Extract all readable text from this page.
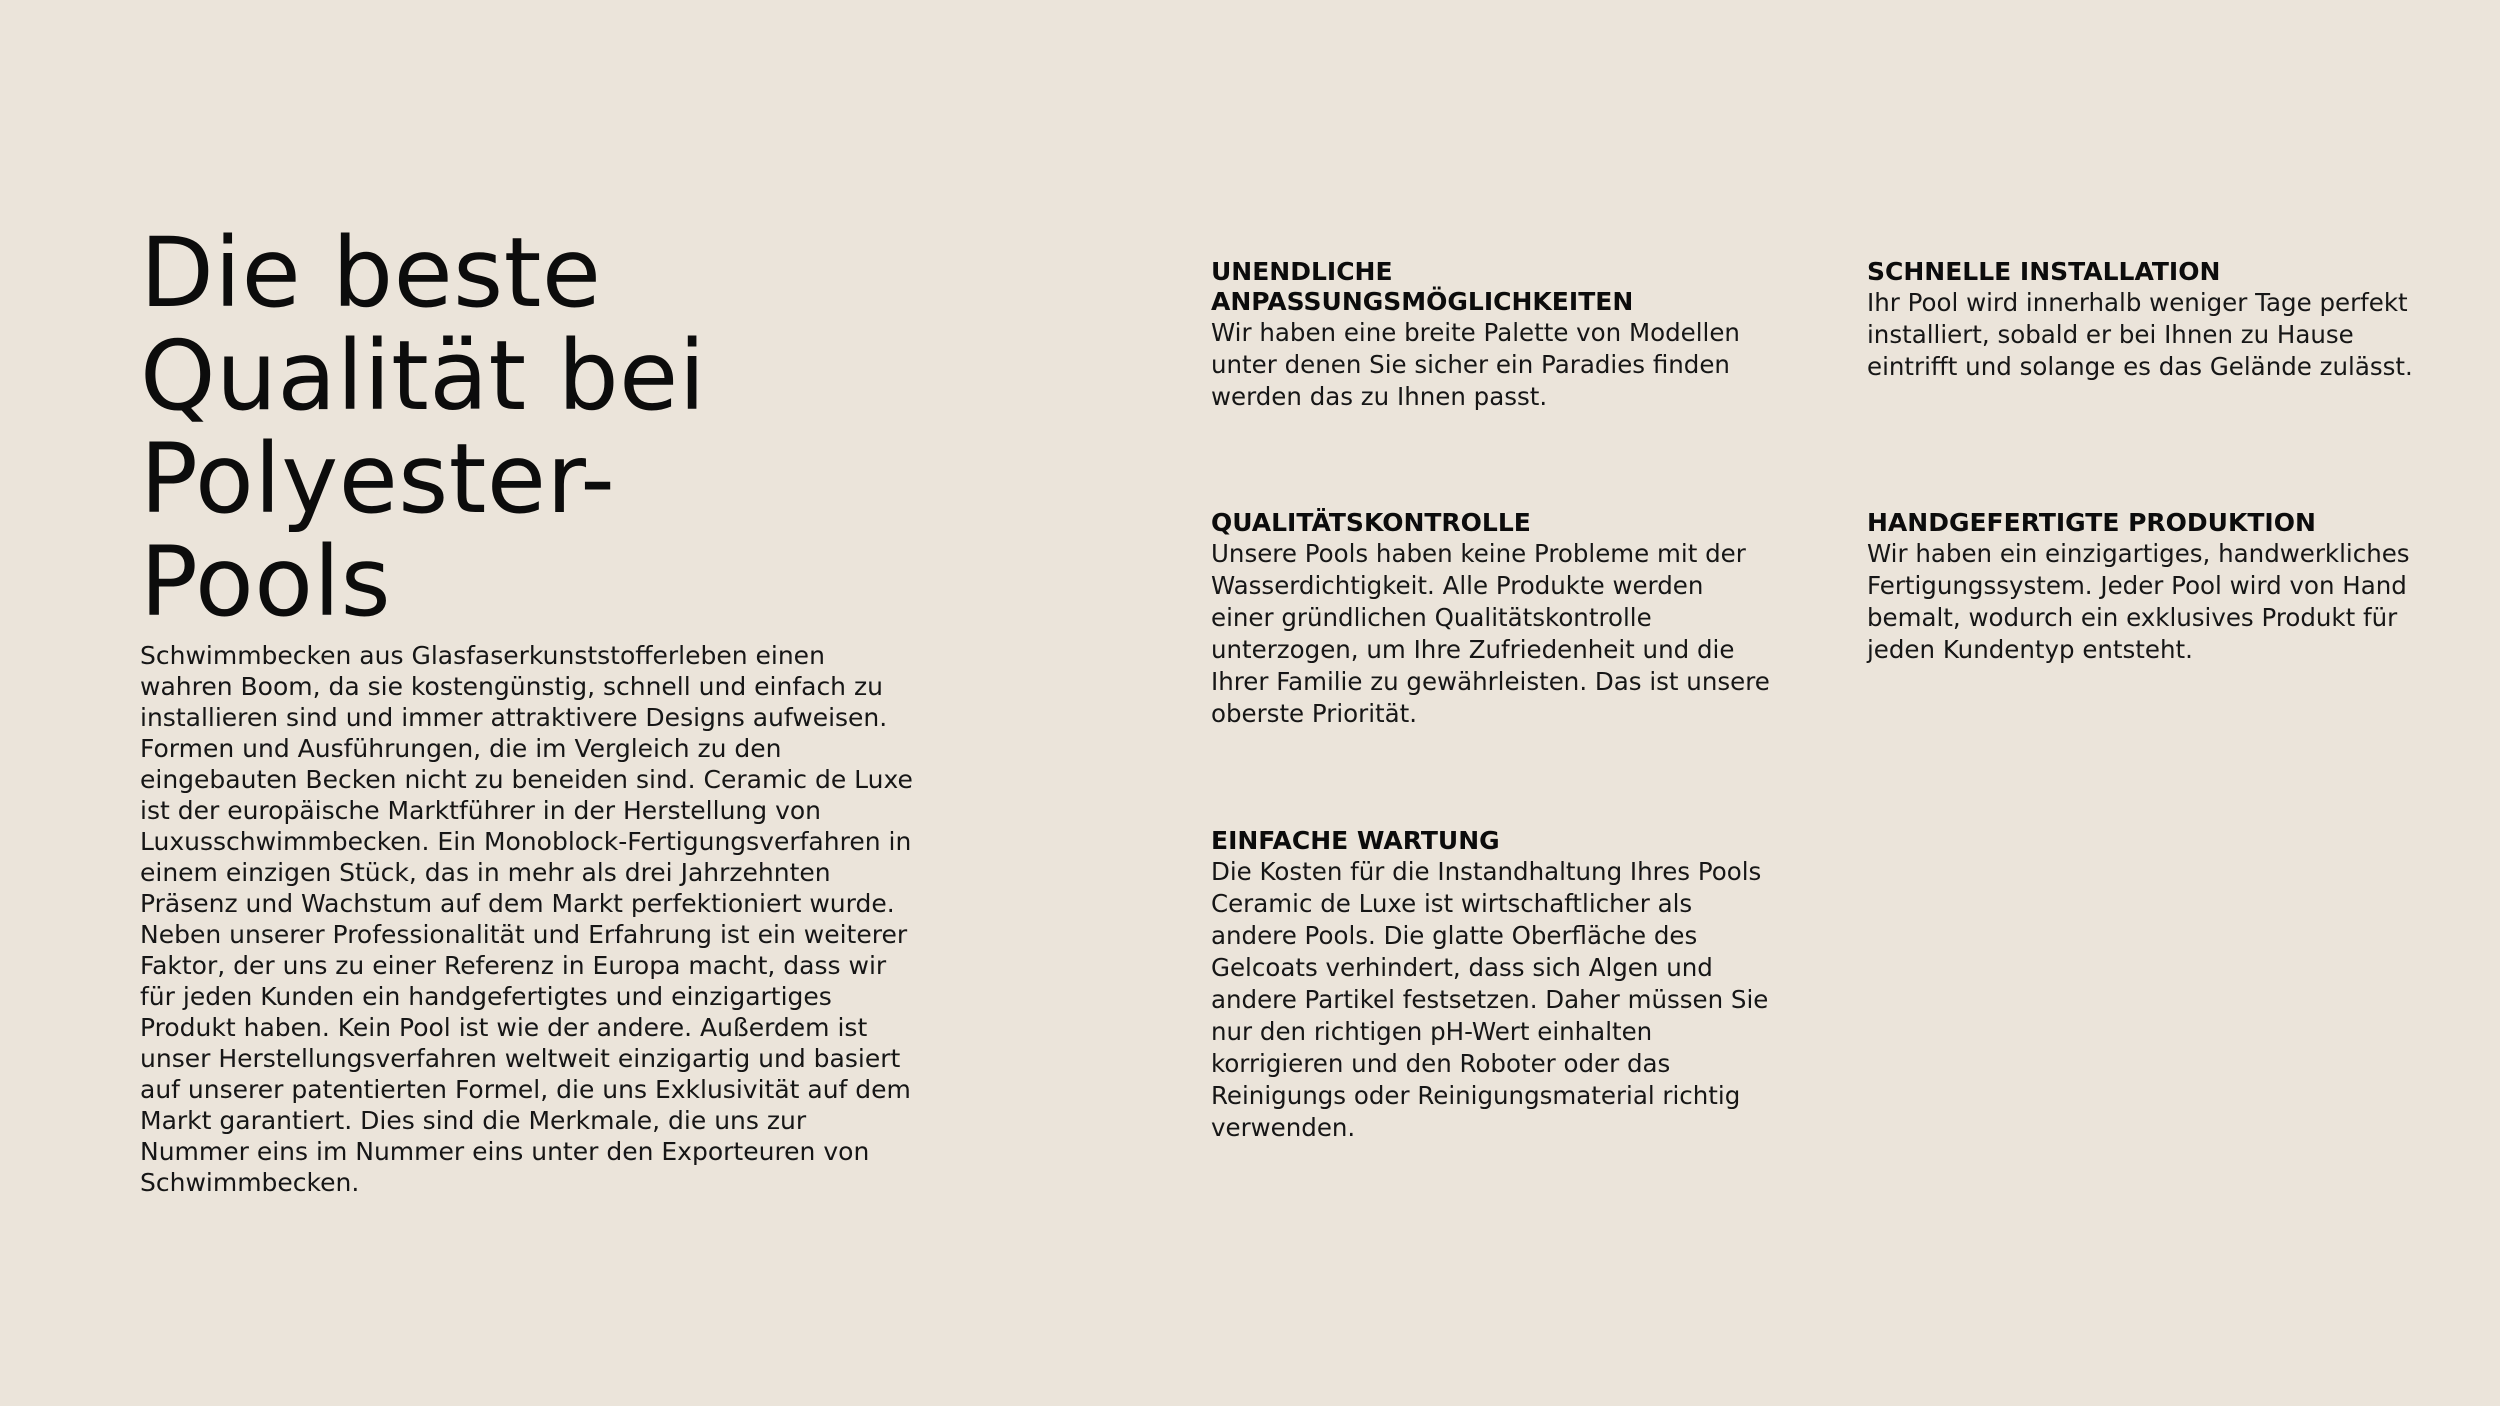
Die beste
Qualität bei
Polyester-
Pools

Schwimmbecken aus Glasfaserkunststofferleben einen wahren Boom, da sie kostengünstig, schnell und einfach zu installieren sind und immer attraktivere Designs aufweisen. Formen und Ausführungen, die im Vergleich zu den eingebauten Becken nicht zu beneiden sind. Ceramic de Luxe ist der europäische Marktführer in der Herstellung von Luxusschwimmbecken. Ein Monoblock-Fertigungsverfahren in einem einzigen Stück, das in mehr als drei Jahrzehnten Präsenz und Wachstum auf dem Markt perfektioniert wurde. Neben unserer Professionalität und Erfahrung ist ein weiterer Faktor, der uns zu einer Referenz in Europa macht, dass wir für jeden Kunden ein handgefertigtes und einzigartiges Produkt haben. Kein Pool ist wie der andere. Außerdem ist unser Herstellungsverfahren weltweit einzigartig und basiert auf unserer patentierten Formel, die uns Exklusivität auf dem Markt garantiert. Dies sind die Merkmale, die uns zur Nummer eins im Nummer eins unter den Exporteuren von Schwimmbecken.

UNENDLICHE ANPASSUNGSMÖGLICHKEITEN

Wir haben eine breite Palette von Modellen unter denen Sie sicher ein Paradies finden werden das zu Ihnen passt.

SCHNELLE INSTALLATION

Ihr Pool wird innerhalb weniger Tage perfekt installiert, sobald er bei Ihnen zu Hause eintrifft und solange es das Gelände zulässt.

QUALITÄTSKONTROLLE

Unsere Pools haben keine Probleme mit der Wasserdichtigkeit. Alle Produkte werden einer gründlichen Qualitätskontrolle unterzogen, um Ihre Zufriedenheit und die Ihrer Familie zu gewährleisten. Das ist unsere oberste Priorität.

HANDGEFERTIGTE PRODUKTION

Wir haben ein einzigartiges, handwerkliches Fertigungssystem. Jeder Pool wird von Hand bemalt, wodurch ein exklusives Produkt für jeden Kundentyp entsteht.

EINFACHE WARTUNG

Die Kosten für die Instandhaltung Ihres Pools Ceramic de Luxe ist wirtschaftlicher als andere Pools. Die glatte Oberfläche des Gelcoats verhindert, dass sich Algen und andere Partikel festsetzen. Daher müssen Sie nur den richtigen pH-Wert einhalten korrigieren und den Roboter oder das Reinigungs oder Reinigungsmaterial richtig verwenden.
